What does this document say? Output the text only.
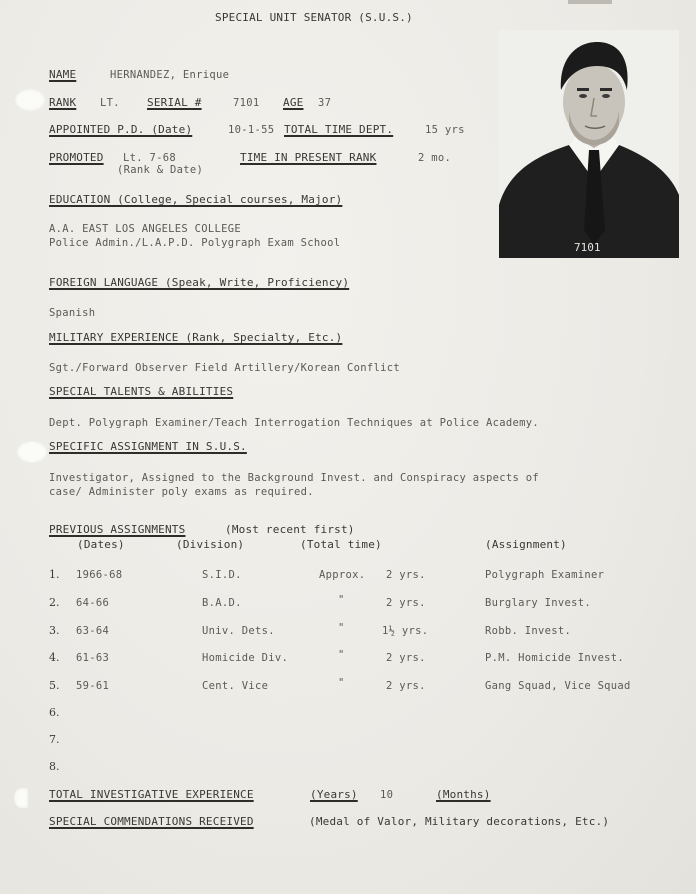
SPECIAL UNIT SENATOR (S.U.S.)
7101
NAME	HERNANDEZ, Enrique
RANK LT. SERIAL #	7101 AGE 37
APPOINTED P.D. (Date)	10-1-55 TOTAL TIME DEPT.	15 yrs
PROMOTED Lt. 7-68
(Rank & Date)
TIME IN PRESENT RANK	2 mo.
EDUCATION (College, Special courses, Major)
A.A. EAST LOS ANGELES COLLEGE
Police Admin./L.A.P.D. Polygraph Exam School
FOREIGN LANGUAGE (Speak, Write, Proficiency)
Spanish
MILITARY EXPERIENCE (Rank, Specialty, Etc.)
Sgt./Forward Observer Field Artillery/Korean Conflict
SPECIAL TALENTS & ABILITIES
Dept. Polygraph Examiner/Teach Interrogation Techniques at Police Academy.
SPECIFIC ASSIGNMENT IN S.U.S.
Investigator, Assigned to the Background Invest. and Conspiracy aspects of
case/ Administer poly exams as required.
PREVIOUS ASSIGNMENTS	(Most recent first)
(Dates)	(Division)	(Total time)	(Assignment)
1. 1966-68	S.I.D.	Approx. 2 yrs.	Polygraph Examiner
2. 64-66	B.A.D.	"	2 yrs.	Burglary Invest.
3. 63-64	Univ. Dets.	"	1½ yrs.	Robb. Invest.
4. 61-63	Homicide Div.	"	2 yrs.	P.M. Homicide Invest.
5. 59-61	Cent. Vice	"	2 yrs.	Gang Squad, Vice Squad
6.
7.
8.
TOTAL INVESTIGATIVE EXPERIENCE	(Years) 10	(Months)
SPECIAL COMMENDATIONS RECEIVED	(Medal of Valor, Military decorations, Etc.)
